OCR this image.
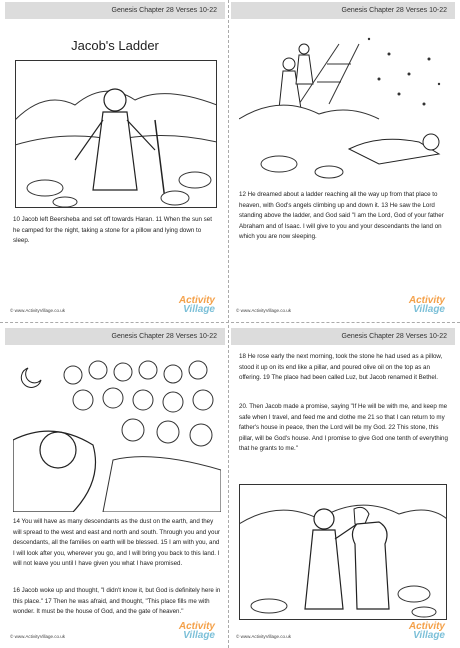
Genesis Chapter 28 Verses 10-22
Jacob's Ladder
10 Jacob left Beersheba and set off towards Haran. 11 When the sun set he camped for the night, taking a stone for a pillow and lying down to sleep.
© www.ActivityVillage.co.uk
Activity
Village
Genesis Chapter 28 Verses 10-22
12 He dreamed about a ladder reaching all the way up from that place to heaven, with God's angels climbing up and down it. 13 He saw the Lord standing above the ladder, and God said "I am the Lord, God of your father Abraham and of Isaac. I will give to you and your descendants the land on which you are now sleeping.
© www.ActivityVillage.co.uk
Activity
Village
Genesis Chapter 28 Verses 10-22
14 You will have as many descendants as the dust on the earth, and they will spread to the west and east and north and south. Through you and your descendants, all the families on earth will be blessed. 15 I am with you, and I will look after you, wherever you go, and I will bring you back to this land. I will not leave you until I have given you what I have promised.
16 Jacob woke up and thought, "I didn't know it, but God is definitely here in this place." 17 Then he was afraid, and thought, "This place fills me with wonder. It must be the house of God, and the gate of heaven."
© www.ActivityVillage.co.uk
Activity
Village
Genesis Chapter 28 Verses 10-22
18 He rose early the next morning, took the stone he had used as a pillow, stood it up on its end like a pillar, and poured olive oil on the top as an offering. 19 The place had been called Luz, but Jacob renamed it Bethel.
20. Then Jacob made a promise, saying "If He will be with me, and keep me safe when I travel, and feed me and clothe me 21 so that I can return to my father's house in peace, then the Lord will be my God. 22 This stone, this pillar, will be God's house. And I promise to give God one tenth of everything that he grants to me."
© www.ActivityVillage.co.uk
Activity
Village
